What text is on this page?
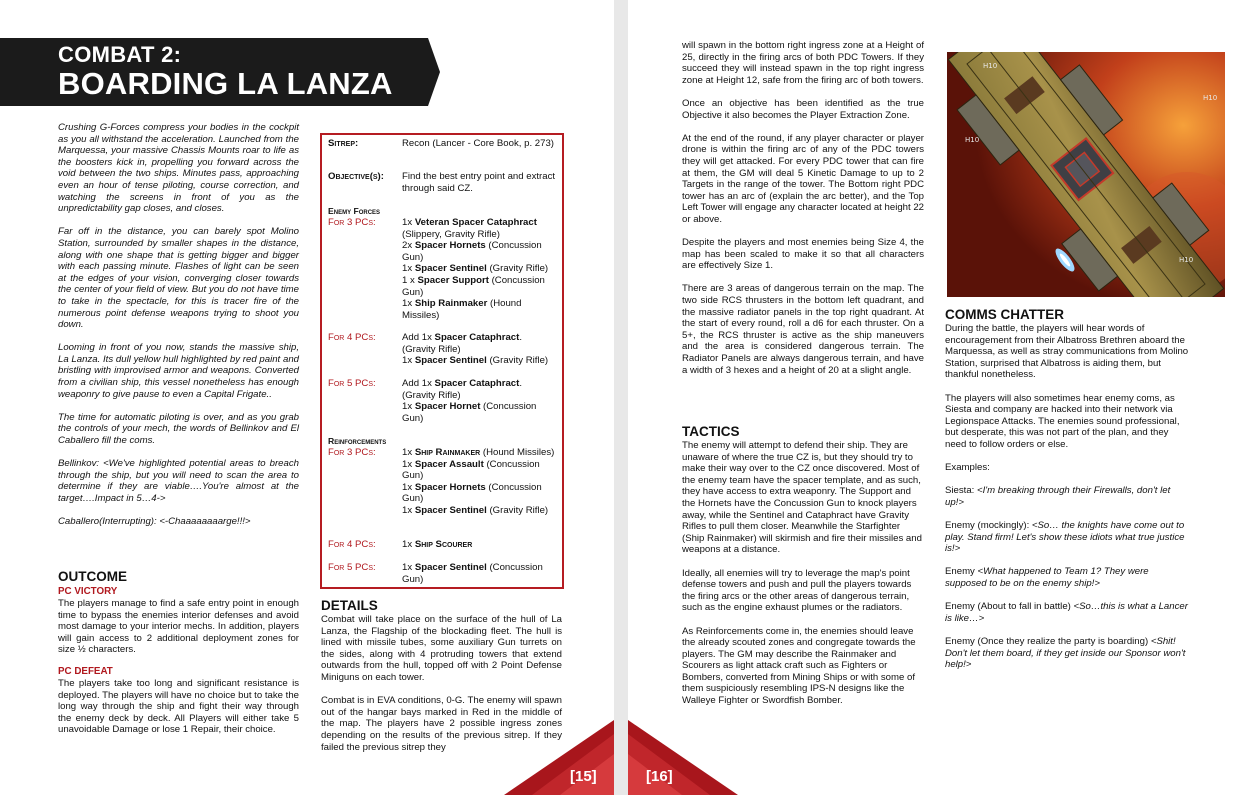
COMBAT 2:
BOARDING LA LANZA

Crushing G-Forces compress your bodies in the cockpit as you all withstand the acceleration. Launched from the Marquessa, your massive Chassis Mounts roar to life as the boosters kick in, propelling you forward across the void between the two ships. Minutes pass, approaching even an hour of tense piloting, course correction, and watching the screens in front of you as the unpredictability gap closes, and closes.

Far off in the distance, you can barely spot Molino Station, surrounded by smaller shapes in the distance, along with one shape that is getting bigger and bigger with each passing minute. Flashes of light can be seen at the edges of your vision, converging closer towards the center of your field of view. But you do not have time to take in the spectacle, for this is tracer fire of the numerous point defense weapons trying to shoot you down.

Looming in front of you now, stands the massive ship, La Lanza. Its dull yellow hull highlighted by red paint and bristling with improvised armor and weapons. Converted from a civilian ship, this vessel nonetheless has enough weaponry to give pause to even a Capital Frigate..

The time for automatic piloting is over, and as you grab the controls of your mech, the words of Bellinkov and El Caballero fill the coms.

Bellinkov: <We've highlighted potential areas to breach through the ship, but you will need to scan the area to determine if they are viable….You're almost at the target….Impact in 5…4->

Caballero(Interrupting): <-Chaaaaaaaarge!!!>

OUTCOME
PC VICTORY
The players manage to find a safe entry point in enough time to bypass the enemies interior defenses and avoid most damage to your interior mechs. In addition, players will gain access to 2 additional deployment zones for size ½ characters.
PC DEFEAT
The players take too long and significant resistance is deployed. The players will have no choice but to take the long way through the ship and fight their way through the enemy deck by deck. All Players will either take 5 unavoidable Damage or lose 1 Repair, their choice.
Sitrep:	Recon (Lancer - Core Book, p. 273)
Objective(s): Find the best entry point and extract through said CZ.
Enemy Forces
For 3 PCs:	1x Veteran Spacer Cataphract (Slippery, Gravity Rifle)
2x Spacer Hornets (Concussion Gun)
1x Spacer Sentinel (Gravity Rifle)
1 x Spacer Support (Concussion Gun)
1x Ship Rainmaker (Hound Missiles)
For 4 PCs:	Add 1x Spacer Cataphract. (Gravity Rifle)
1x Spacer Sentinel (Gravity Rifle)
For 5 PCs:	Add 1x Spacer Cataphract. (Gravity Rifle)
1x Spacer Hornet (Concussion Gun)
Reinforcements
For 3 PCs:	1x Ship Rainmaker (Hound Missiles)
1x Spacer Assault (Concussion Gun)
1x Spacer Hornets (Concussion Gun)
1x Spacer Sentinel (Gravity Rifle)
For 4 PCs:	1x Ship Scourer
For 5 PCs:	1x Spacer Sentinel (Concussion Gun)
DETAILS

Combat will take place on the surface of the hull of La Lanza, the Flagship of the blockading fleet. The hull is lined with missile tubes, some auxiliary Gun turrets on the sides, along with 4 protruding towers that extend outwards from the hull, topped off with 2 Point Defense Miniguns on each tower.

Combat is in EVA conditions, 0-G. The enemy will spawn out of the hangar bays marked in Red in the middle of the map. The players have 2 possible ingress zones depending on the results of the previous sitrep. If they failed the previous sitrep they

[15]

will spawn in the bottom right ingress zone at a Height of 25, directly in the firing arcs of both PDC Towers. If they succeed they will instead spawn in the top right ingress zone at Height 12, safe from the firing arc of both towers.

Once an objective has been identified as the true Objective it also becomes the Player Extraction Zone.

At the end of the round, if any player character or player drone is within the firing arc of any of the PDC towers they will get attacked. For every PDC tower that can fire at them, the GM will deal 5 Kinetic Damage to up to 2 Targets in the range of the tower. The Bottom right PDC tower has an arc of (explain the arc better), and the Top Left Tower will engage any character located at height 22 or above.

Despite the players and most enemies being Size 4, the map has been scaled to make it so that all characters are effectively Size 1.

There are 3 areas of dangerous terrain on the map. The two side RCS thrusters in the bottom left quadrant, and the massive radiator panels in the top right quadrant. At the start of every round, roll a d6 for each thruster. On a 5+, the RCS thruster is active as the ship maneuvers and the area is considered dangerous terrain. The Radiator Panels are always dangerous terrain, and have a width of 3 hexes and a height of 20 at a slight angle.

TACTICS

The enemy will attempt to defend their ship. They are unaware of where the true CZ is, but they should try to make their way over to the CZ once discovered. Most of the enemy team have the spacer template, and as such, they have access to extra weaponry. The Support and the Hornets have the Concussion Gun to knock players away, while the Sentinel and Cataphract have Gravity Rifles to pull them closer. Meanwhile the Starfighter (Ship Rainmaker) will skirmish and fire their missiles and weapons at a distance.

Ideally, all enemies will try to leverage the map's point defense towers and push and pull the players towards the firing arcs or the other areas of dangerous terrain, such as the engine exhaust plumes or the radiators.

As Reinforcements come in, the enemies should leave the already scouted zones and congregate towards the players. The GM may describe the Rainmaker and Scourers as light attack craft such as Fighters or Bombers, converted from Mining Ships or with some of them suspiciously resembling IPS-N designs like the Walleye Fighter or Swordfish Bomber.

H10
H10
H10
H10
COMMS CHATTER

During the battle, the players will hear words of encouragement from their Albatross Brethren aboard the Marquessa, as well as stray communications from Molino Station, surprised that Albatross is aiding them, but thankful nonetheless.

The players will also sometimes hear enemy coms, as Siesta and company are hacked into their network via Legionspace Attacks. The enemies sound professional, but desperate, this was not part of the plan, and they need to follow orders or else.

Examples:

Siesta: <I'm breaking through their Firewalls, don't let up!>

Enemy (mockingly): <So… the knights have come out to play. Stand firm! Let's show these idiots what true justice is!>

Enemy <What happened to Team 1? They were supposed to be on the enemy ship!>

Enemy (About to fall in battle) <So…this is what a Lancer is like…>

Enemy (Once they realize the party is boarding) <Shit! Don't let them board, if they get inside our Sponsor won't help!>

[16]
